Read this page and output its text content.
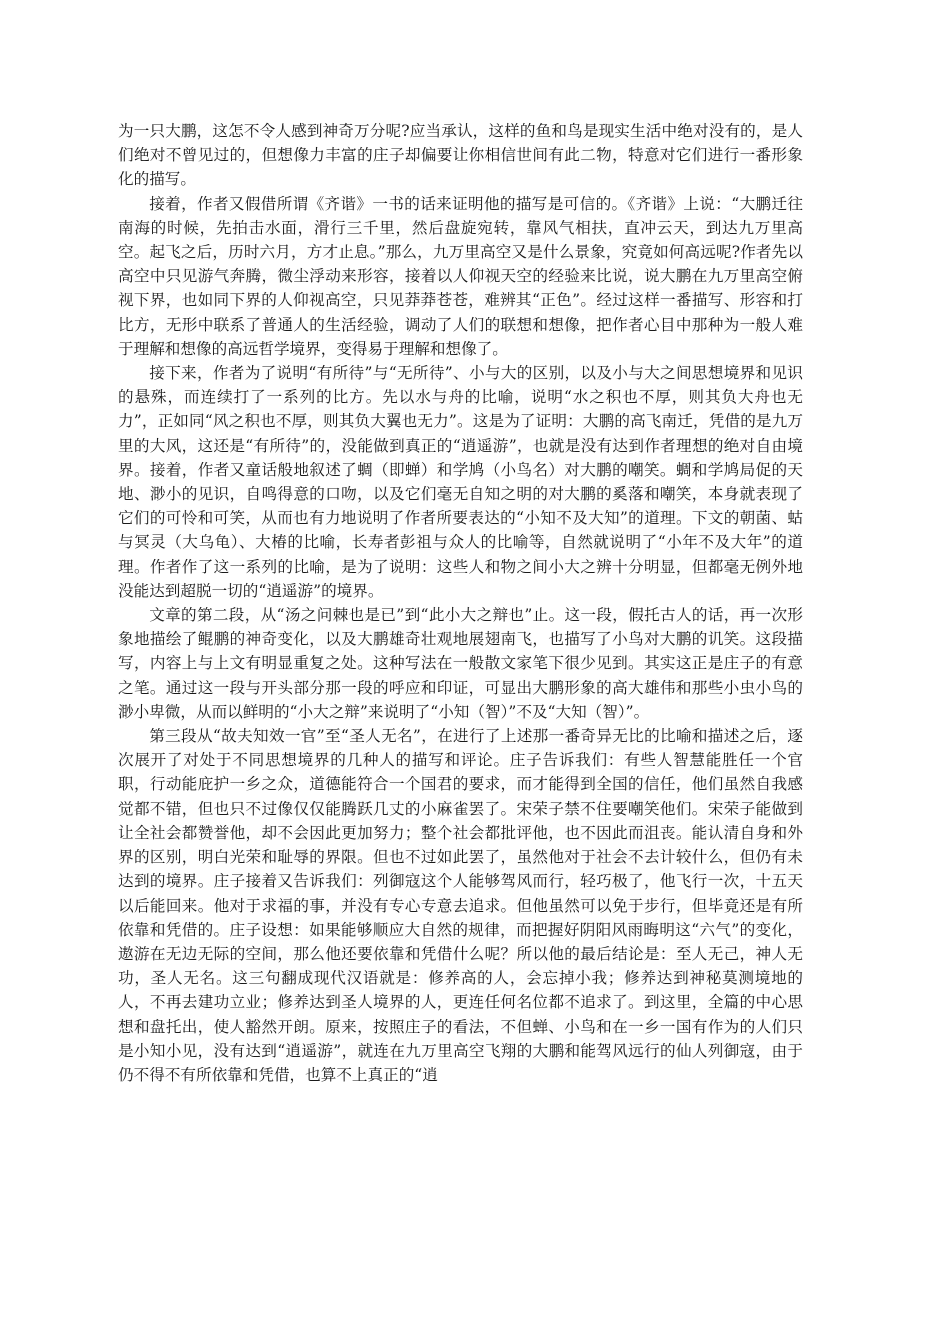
为一只大鹏，这怎不令人感到神奇万分呢?应当承认，这样的鱼和鸟是现实生活中绝对没有的，是人们绝对不曾见过的，但想像力丰富的庄子却偏要让你相信世间有此二物，特意对它们进行一番形象化的描写。

接着，作者又假借所谓《齐谐》一书的话来证明他的描写是可信的。《齐谐》上说：“大鹏迁往南海的时候，先拍击水面，滑行三千里，然后盘旋宛转，靠风气相扶，直冲云天，到达九万里高空。起飞之后，历时六月，方才止息。”那么，九万里高空又是什么景象，究竟如何高远呢?作者先以高空中只见游气奔腾，微尘浮动来形容，接着以人仰视天空的经验来比说，说大鹏在九万里高空俯视下界，也如同下界的人仰视高空，只见莽莽苍苍，难辨其“正色”。经过这样一番描写、形容和打比方，无形中联系了普通人的生活经验，调动了人们的联想和想像，把作者心目中那种为一般人难于理解和想像的高远哲学境界，变得易于理解和想像了。

接下来，作者为了说明“有所待”与“无所待”、小与大的区别，以及小与大之间思想境界和见识的悬殊，而连续打了一系列的比方。先以水与舟的比喻，说明“水之积也不厚，则其负大舟也无力”，正如同“风之积也不厚，则其负大翼也无力”。这是为了证明：大鹏的高飞南迁，凭借的是九万里的大风，这还是“有所待”的，没能做到真正的“逍遥游”，也就是没有达到作者理想的绝对自由境界。接着，作者又童话般地叙述了蜩（即蝉）和学鸠（小鸟名）对大鹏的嘲笑。蜩和学鸠局促的天地、渺小的见识，自鸣得意的口吻，以及它们毫无自知之明的对大鹏的奚落和嘲笑，本身就表现了它们的可怜和可笑，从而也有力地说明了作者所要表达的“小知不及大知”的道理。下文的朝菌、蛄与冥灵（大乌龟）、大椿的比喻，长寿者彭祖与众人的比喻等，自然就说明了“小年不及大年”的道理。作者作了这一系列的比喻，是为了说明：这些人和物之间小大之辨十分明显，但都毫无例外地没能达到超脱一切的“逍遥游”的境界。

文章的第二段，从“汤之问棘也是已”到“此小大之辩也”止。这一段，假托古人的话，再一次形象地描绘了鲲鹏的神奇变化，以及大鹏雄奇壮观地展翅南飞，也描写了小鸟对大鹏的讥笑。这段描写，内容上与上文有明显重复之处。这种写法在一般散文家笔下很少见到。其实这正是庄子的有意之笔。通过这一段与开头部分那一段的呼应和印证，可显出大鹏形象的高大雄伟和那些小虫小鸟的渺小卑微，从而以鲜明的“小大之辩”来说明了“小知（智）”不及“大知（智）”。

第三段从“故夫知效一官”至“圣人无名”，在进行了上述那一番奇异无比的比喻和描述之后，逐次展开了对处于不同思想境界的几种人的描写和评论。庄子告诉我们：有些人智慧能胜任一个官职，行动能庇护一乡之众，道德能符合一个国君的要求，而才能得到全国的信任，他们虽然自我感觉都不错，但也只不过像仅仅能腾跃几丈的小麻雀罢了。宋荣子禁不住要嘲笑他们。宋荣子能做到让全社会都赞誉他，却不会因此更加努力；整个社会都批评他，也不因此而沮丧。能认清自身和外界的区别，明白光荣和耻辱的界限。但也不过如此罢了，虽然他对于社会不去计较什么，但仍有未达到的境界。庄子接着又告诉我们：列御寇这个人能够驾风而行，轻巧极了，他飞行一次，十五天以后能回来。他对于求福的事，并没有专心专意去追求。但他虽然可以免于步行，但毕竟还是有所依靠和凭借的。庄子设想：如果能够顺应大自然的规律，而把握好阴阳风雨晦明这“六气”的变化，遨游在无边无际的空间，那么他还要依靠和凭借什么呢？所以他的最后结论是：至人无己，神人无功，圣人无名。这三句翻成现代汉语就是：修养高的人，会忘掉小我；修养达到神秘莫测境地的人，不再去建功立业；修养达到圣人境界的人，更连任何名位都不追求了。到这里，全篇的中心思想和盘托出，使人豁然开朗。原来，按照庄子的看法，不但蝉、小鸟和在一乡一国有作为的人们只是小知小见，没有达到“逍遥游”，就连在九万里高空飞翔的大鹏和能驾风远行的仙人列御寇，由于仍不得不有所依靠和凭借，也算不上真正的“逍
